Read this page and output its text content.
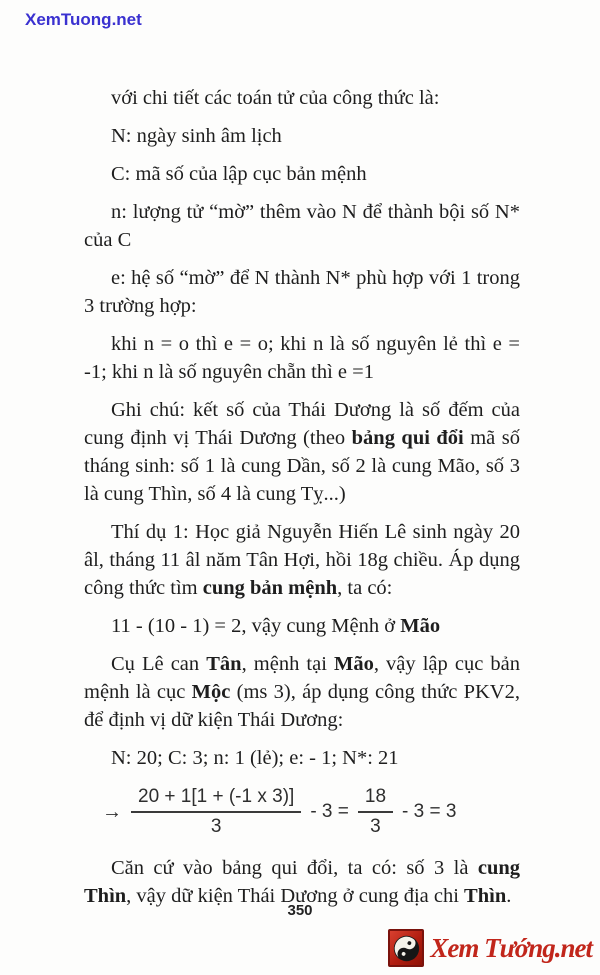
XemTuong.net

với chi tiết các toán tử của công thức là:

N: ngày sinh âm lịch

C: mã số của lập cục bản mệnh

n: lượng tử “mờ” thêm vào N để thành bội số N* của C

e: hệ số “mờ” để N thành N* phù hợp với 1 trong 3 trường hợp:

khi n = o thì e = o; khi n là số nguyên lẻ thì e = -1; khi n là số nguyên chẵn thì e =1

Ghi chú: kết số của Thái Dương là số đếm của cung định vị Thái Dương (theo bảng qui đổi mã số tháng sinh: số 1 là cung Dần, số 2 là cung Mão, số 3 là cung Thìn, số 4 là cung Tỵ...)

Thí dụ 1: Học giả Nguyễn Hiến Lê sinh ngày 20 âl, tháng 11 âl năm Tân Hợi, hồi 18g chiều. Áp dụng công thức tìm cung bản mệnh, ta có:

11 - (10 - 1) = 2, vậy cung Mệnh ở Mão

Cụ Lê can Tân, mệnh tại Mão, vậy lập cục bản mệnh là cục Mộc (ms 3), áp dụng công thức PKV2, để định vị dữ kiện Thái Dương:

N: 20; C: 3; n: 1 (lẻ); e: - 1; N*: 21

→ $\frac{20 + 1[1 + (-1 x 3)]}{3} - 3 = \frac{18}{3} - 3 = 3$

Căn cứ vào bảng qui đổi, ta có: số 3 là cung Thìn, vậy dữ kiện Thái Dương ở cung địa chi Thìn.

350
Xem Tướng.net
